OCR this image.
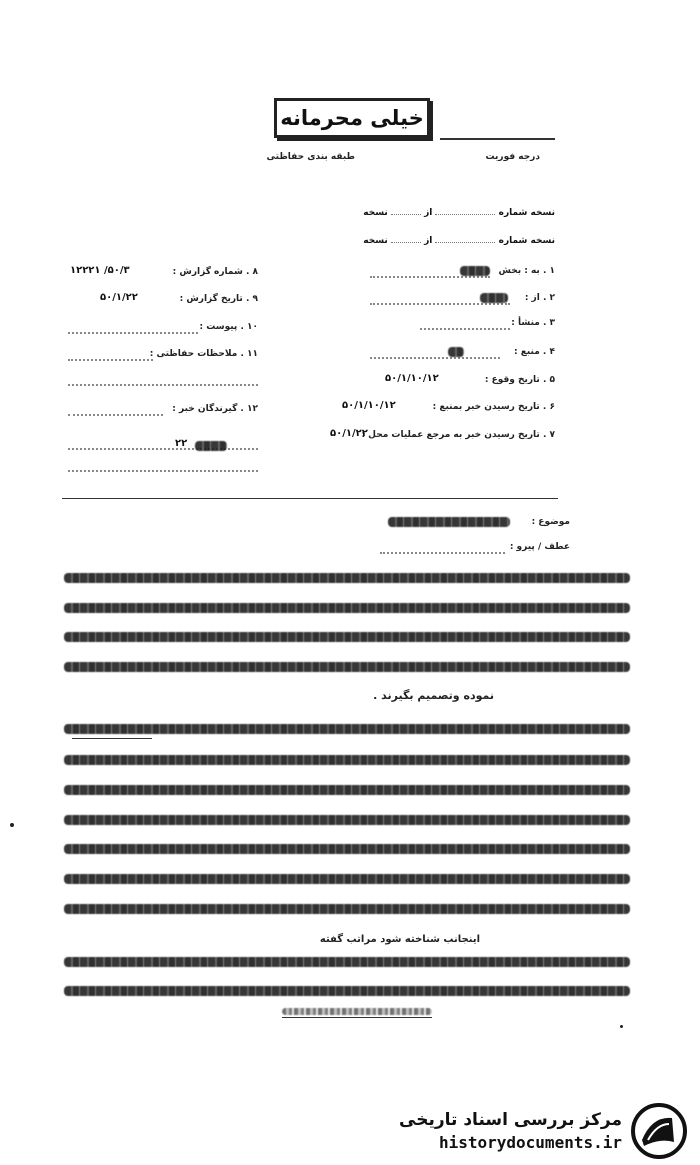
خیلی محرمانه
درجه فوریت
طبقه بندی حفاظتی
نسخه شماره  از  نسخه
نسخه شماره  از  نسخه
۱ . به : بخش
۲ . از :
۳ . منشأ :
۴ . منبع :
۵ . تاریخ وقوع :
۵۰/۱/۱۰/۱۲
۶ . تاریخ رسیدن خبر بمنبع :
۵۰/۱/۱۰/۱۲
۷ . تاریخ رسیدن خبر به مرجع عملیات محل :
۵۰/۱/۲۲
۸ . شماره گزارش :
۱۲۲۲۱ /۵۰/۳
۹ . تاریخ گزارش :
۵۰/۱/۲۲
۱۰ . پیوست :
۱۱ . ملاحظات حفاظتی :
۱۲ . گیرندگان خبر :
۲۲
موضوع :
عطف / پیرو :
نموده وتصمیم بگیرند .
اینجانب شناخته شود مراتب گفته
مرکز بررسی اسناد تاریخی
historydocuments.ir
